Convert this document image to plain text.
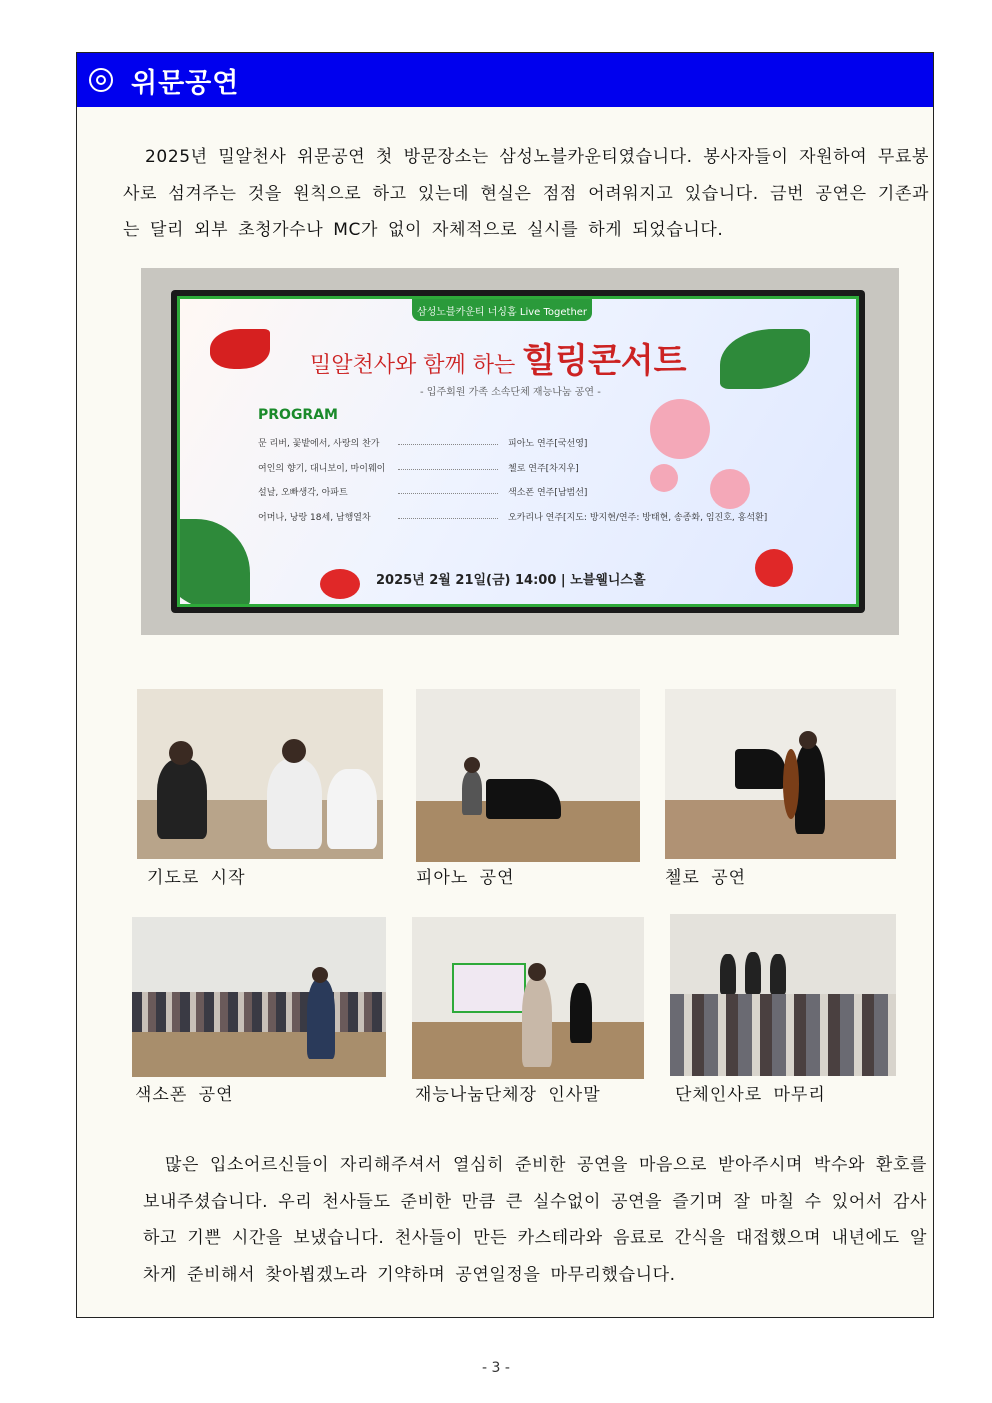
위문공연
2025년 밀알천사 위문공연 첫 방문장소는 삼성노블카운티였습니다. 봉사자들이 자원하여 무료봉사로 섬겨주는 것을 원칙으로 하고 있는데 현실은 점점 어려워지고 있습니다. 금번 공연은 기존과는 달리 외부 초청가수나 MC가 없이 자체적으로 실시를 하게 되었습니다.
삼성노블카운티 너싱홈 Live Together
밀알천사와 함께 하는 힐링콘서트
- 입주회원 가족 소속단체 재능나눔 공연 -
PROGRAM
문 리버, 꽃밭에서, 사랑의 찬가	피아노 연주[국선영]
여인의 향기, 대니보이, 마이웨이	첼로 연주[차지우]
설날, 오빠생각, 아파트	색소폰 연주[남범선]
어머나, 낭랑 18세, 남행열차	오카리나 연주[지도: 방지현/연주: 방태현, 송종화, 임진호, 홍석환]
2025년 2월 21일(금) 14:00 | 노블웰니스홀
기도로 시작	피아노 공연	첼로 공연
색소폰 공연	재능나눔단체장 인사말	단체인사로 마무리
많은 입소어르신들이 자리해주셔서 열심히 준비한 공연을 마음으로 받아주시며 박수와 환호를 보내주셨습니다. 우리 천사들도 준비한 만큼 큰 실수없이 공연을 즐기며 잘 마칠 수 있어서 감사하고 기쁜 시간을 보냈습니다. 천사들이 만든 카스테라와 음료로 간식을 대접했으며 내년에도 알차게 준비해서 찾아뵙겠노라 기약하며 공연일정을 마무리했습니다.
- 3 -
